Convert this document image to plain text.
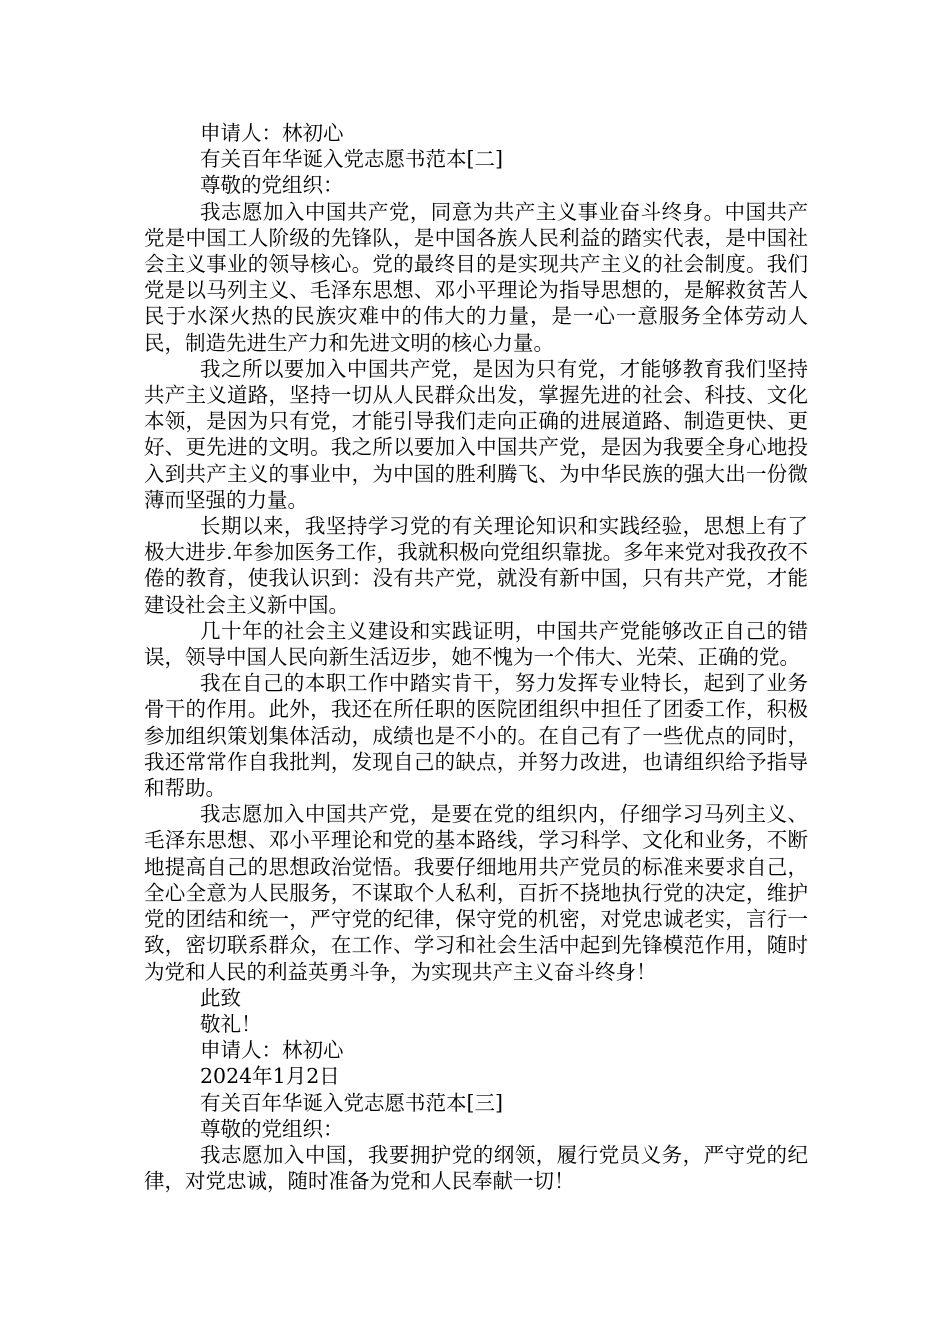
申请人：林初心

有关百年华诞入党志愿书范本[二]

尊敬的党组织：

我志愿加入中国共产党，同意为共产主义事业奋斗终身。中国共产党是中国工人阶级的先锋队，是中国各族人民利益的踏实代表，是中国社会主义事业的领导核心。党的最终目的是实现共产主义的社会制度。我们党是以马列主义、毛泽东思想、邓小平理论为指导思想的，是解救贫苦人民于水深火热的民族灾难中的伟大的力量，是一心一意服务全体劳动人民，制造先进生产力和先进文明的核心力量。

我之所以要加入中国共产党，是因为只有党，才能够教育我们坚持共产主义道路，坚持一切从人民群众出发，掌握先进的社会、科技、文化本领，是因为只有党，才能引导我们走向正确的进展道路、制造更快、更好、更先进的文明。我之所以要加入中国共产党，是因为我要全身心地投入到共产主义的事业中，为中国的胜利腾飞、为中华民族的强大出一份微薄而坚强的力量。

长期以来，我坚持学习党的有关理论知识和实践经验，思想上有了极大进步.年参加医务工作，我就积极向党组织靠拢。多年来党对我孜孜不倦的教育，使我认识到：没有共产党，就没有新中国，只有共产党，才能建设社会主义新中国。

几十年的社会主义建设和实践证明，中国共产党能够改正自己的错误，领导中国人民向新生活迈步，她不愧为一个伟大、光荣、正确的党。

我在自己的本职工作中踏实肯干，努力发挥专业特长，起到了业务骨干的作用。此外，我还在所任职的医院团组织中担任了团委工作，积极参加组织策划集体活动，成绩也是不小的。在自己有了一些优点的同时，我还常常作自我批判，发现自己的缺点，并努力改进，也请组织给予指导和帮助。

我志愿加入中国共产党，是要在党的组织内，仔细学习马列主义、毛泽东思想、邓小平理论和党的基本路线，学习科学、文化和业务，不断地提高自己的思想政治觉悟。我要仔细地用共产党员的标准来要求自己，全心全意为人民服务，不谋取个人私利，百折不挠地执行党的决定，维护党的团结和统一，严守党的纪律，保守党的机密，对党忠诚老实，言行一致，密切联系群众，在工作、学习和社会生活中起到先锋模范作用，随时为党和人民的利益英勇斗争，为实现共产主义奋斗终身！

此致

敬礼！

申请人：林初心

2024年1月2日

有关百年华诞入党志愿书范本[三]

尊敬的党组织：

我志愿加入中国，我要拥护党的纲领，履行党员义务，严守党的纪律，对党忠诚，随时准备为党和人民奉献一切！
